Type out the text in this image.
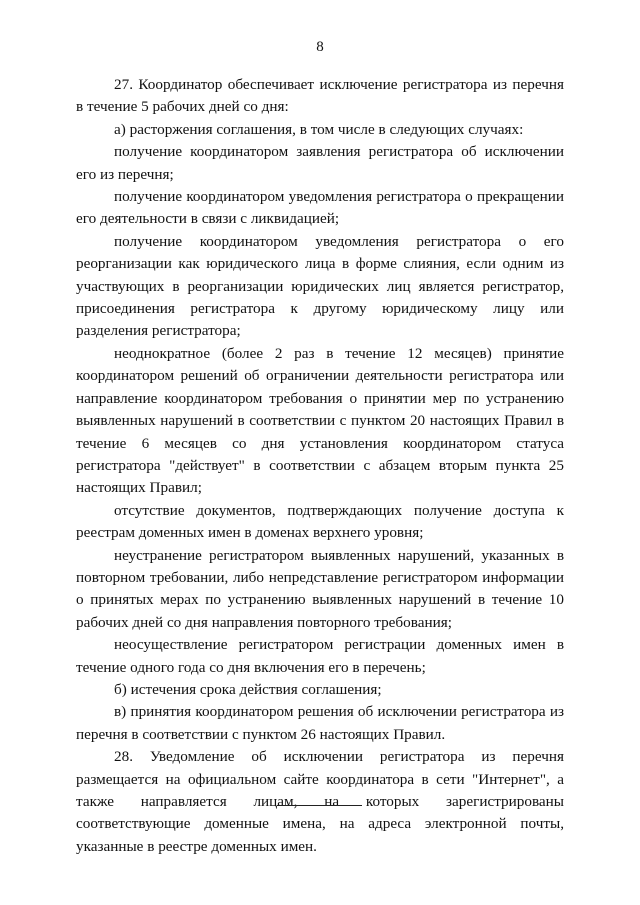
8

27. Координатор обеспечивает исключение регистратора из перечня в течение 5 рабочих дней со дня:

а) расторжения соглашения, в том числе в следующих случаях:

получение координатором заявления регистратора об исключении его из перечня;

получение координатором уведомления регистратора о прекращении его деятельности в связи с ликвидацией;

получение координатором уведомления регистратора о его реорганизации как юридического лица в форме слияния, если одним из участвующих в реорганизации юридических лиц является регистратор, присоединения регистратора к другому юридическому лицу или разделения регистратора;

неоднократное (более 2 раз в течение 12 месяцев) принятие координатором решений об ограничении деятельности регистратора или направление координатором требования о принятии мер по устранению выявленных нарушений в соответствии с пунктом 20 настоящих Правил в течение 6 месяцев со дня установления координатором статуса регистратора "действует" в соответствии с абзацем вторым пункта 25 настоящих Правил;

отсутствие документов, подтверждающих получение доступа к реестрам доменных имен в доменах верхнего уровня;

неустранение регистратором выявленных нарушений, указанных в повторном требовании, либо непредставление регистратором информации о принятых мерах по устранению выявленных нарушений в течение 10 рабочих дней со дня направления повторного требования;

неосуществление регистратором регистрации доменных имен в течение одного года со дня включения его в перечень;

б) истечения срока действия соглашения;

в) принятия координатором решения об исключении регистратора из перечня в соответствии с пунктом 26 настоящих Правил.

28. Уведомление об исключении регистратора из перечня размещается на официальном сайте координатора в сети "Интернет", а также направляется лицам, на которых зарегистрированы соответствующие доменные имена, на адреса электронной почты, указанные в реестре доменных имен.
